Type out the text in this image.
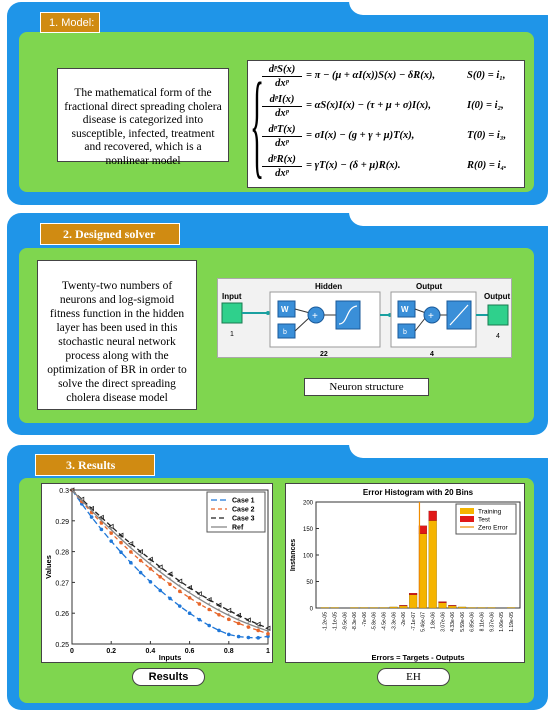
The mathematical form of the fractional direct spreading cholera disease is categorized into susceptible, infected, treatment and recovered, which is a nonlinear model { dᵖS(x)
dxᵖ
= π − (μ + αI(x))S(x) − δR(x),	S(0) = i₁,
dᵖI(x)
dxᵖ
= αS(x)I(x) − (τ + μ + σ)I(x),	I(0) = i₂,
dᵖT(x)
dxᵖ
= σI(x) − (g + γ + μ)T(x),	T(0) = i₃,
dᵖR(x)
dxᵖ
= γT(x) − (δ + μ)R(x).	R(0) = i₄.
1. Model:
Twenty-two numbers of neurons and log-sigmoid fitness function in the hidden layer has been used in this stochastic neural network process along with the optimization of BR in order to solve the direct spreading cholera disease model
Input
1
Hidden
W
b
+
22
Output
W
b
+
4
Output
4
Neuron structure
2. Designed solver
0.25
0.26
0.27
0.28
0.29
0.3
0	0.2	0.4	0.6	0.8	1
Inputs
Values
*
*
*
*
*
*
*
*
*
*
*
*
*
*
*
*
*
*
*
* *
Case 1
Case 2
Case 3
Ref
Error Histogram with 20 Bins
0
50
100
150
200
Instances
-1.2e-05 -1.1e-05 -9.5e-06 -8.3e-06 -7e-06 -5.8e-06 -4.5e-06 -3.3e-06 -2e-06 -7.1e-07 5.46e-07 1.8e-06 3.07e-06 4.33e-06 5.59e-06 6.85e-06 8.11e-06 9.37e-06 1.06e-05 1.19e-05
Errors = Targets - Outputs
Training
Test
Zero Error
Results	EH
3. Results
